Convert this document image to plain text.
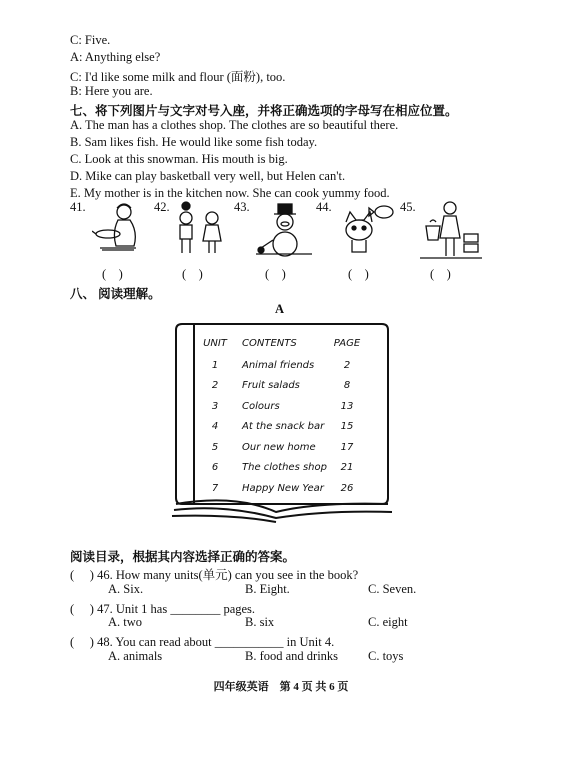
C: Five.
A: Anything else?
C: I'd like some milk and flour (面粉), too.
B: Here you are.
七、将下列图片与文字对号入座，并将正确选项的字母写在相应位置。
A. The man has a clothes shop. The clothes are so beautiful there.
B. Sam likes fish. He would like some fish today.
C. Look at this snowman. His mouth is big.
D. Mike can play basketball very well, but Helen can't.
E. My mother is in the kitchen now. She can cook yummy food.
41.
(　)
42.
(　)
43.
(　)
44.
(　)
45.
(　)
八、 阅读理解。
A
UNIT	CONTENTS	PAGE
1	Animal friends	2
2	Fruit salads	8
3	Colours	13
4	At the snack bar	15
5	Our new home	17
6	The clothes shop	21
7	Happy New Year	26
阅读目录，根据其内容选择正确的答案。
(　 ) 46. How many units(单元) can you see in the book?
A. Six.	B. Eight.	C. Seven.
(　 ) 47. Unit 1 has ________ pages.
A. two	B. six	C. eight
(　 ) 48. You can read about ___________ in Unit 4.
A. animals	B. food and drinks C. toys
四年级英语　第 4 页 共 6 页
